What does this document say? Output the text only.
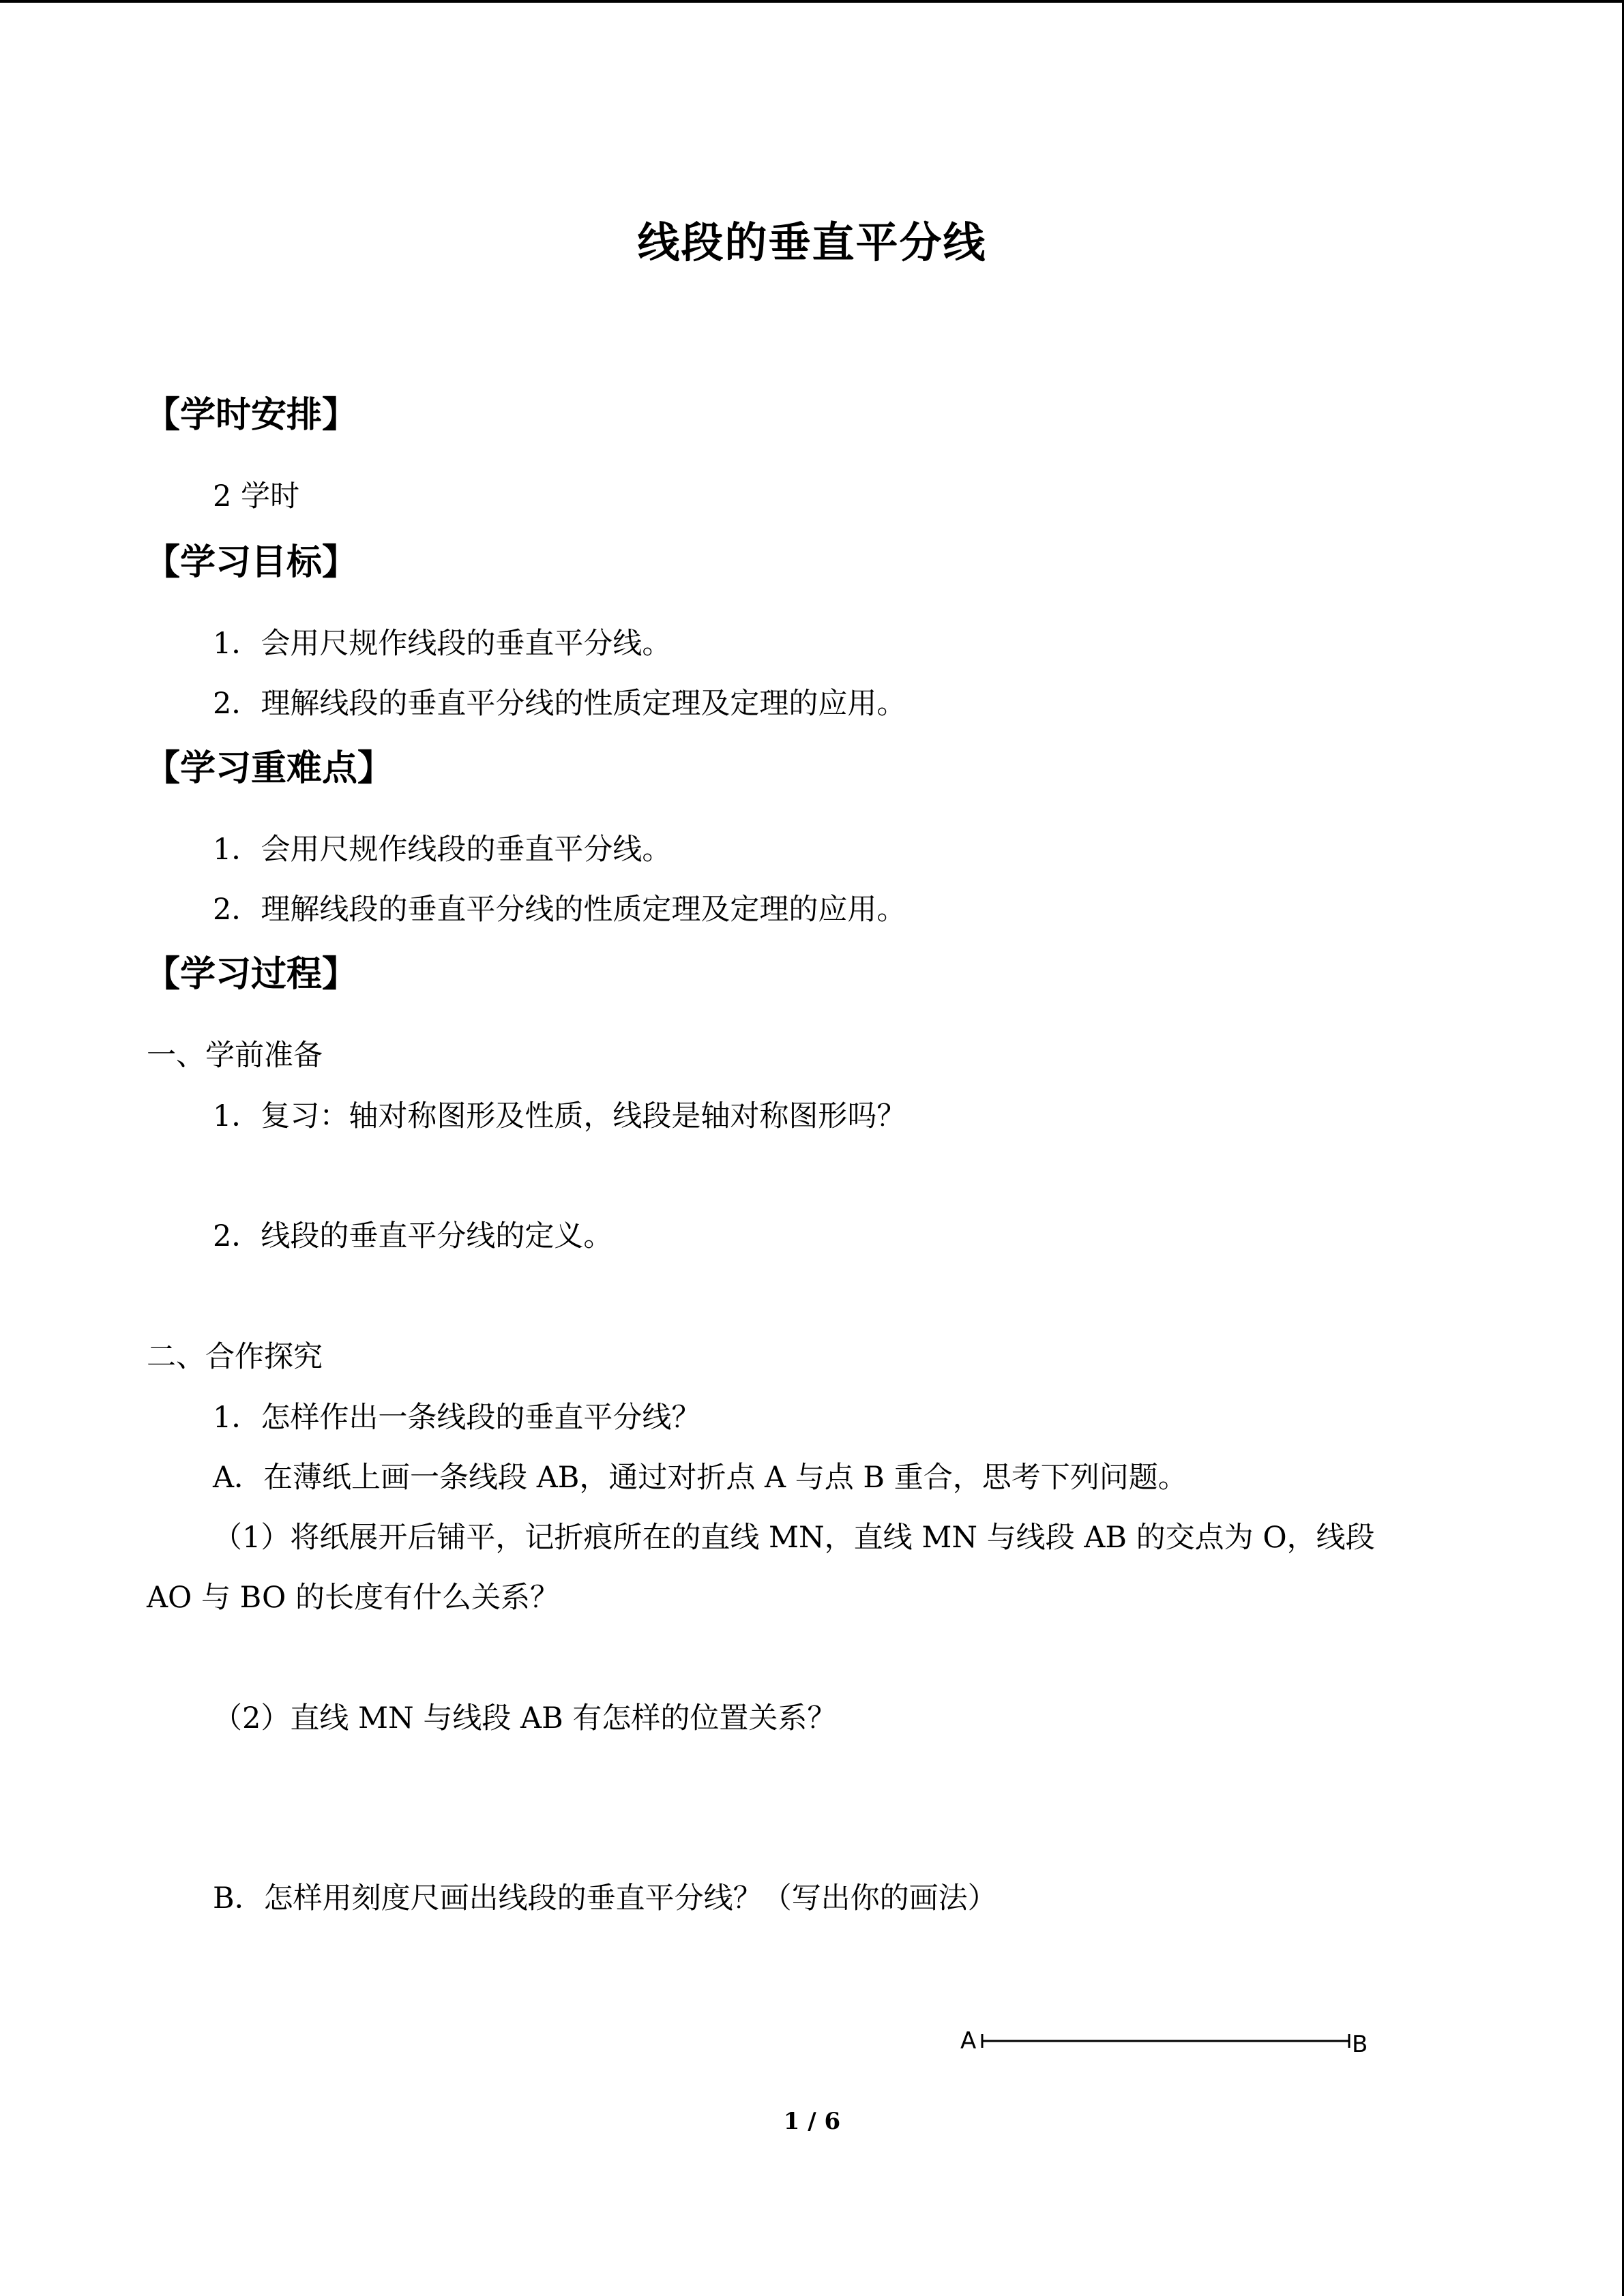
线段的垂直平分线
【学时安排】
2 学时
【学习目标】
1．会用尺规作线段的垂直平分线。
2．理解线段的垂直平分线的性质定理及定理的应用。
【学习重难点】
1．会用尺规作线段的垂直平分线。
2．理解线段的垂直平分线的性质定理及定理的应用。
【学习过程】
一、学前准备
1．复习：轴对称图形及性质，线段是轴对称图形吗？
2．线段的垂直平分线的定义。
二、合作探究
1．怎样作出一条线段的垂直平分线？
A．在薄纸上画一条线段 AB，通过对折点 A 与点 B 重合，思考下列问题。
（1）将纸展开后铺平，记折痕所在的直线 MN，直线 MN 与线段 AB 的交点为 O，线段
AO 与 BO 的长度有什么关系？
（2）直线 MN 与线段 AB 有怎样的位置关系？
B．怎样用刻度尺画出线段的垂直平分线？（写出你的画法）
A	B
1 / 6
